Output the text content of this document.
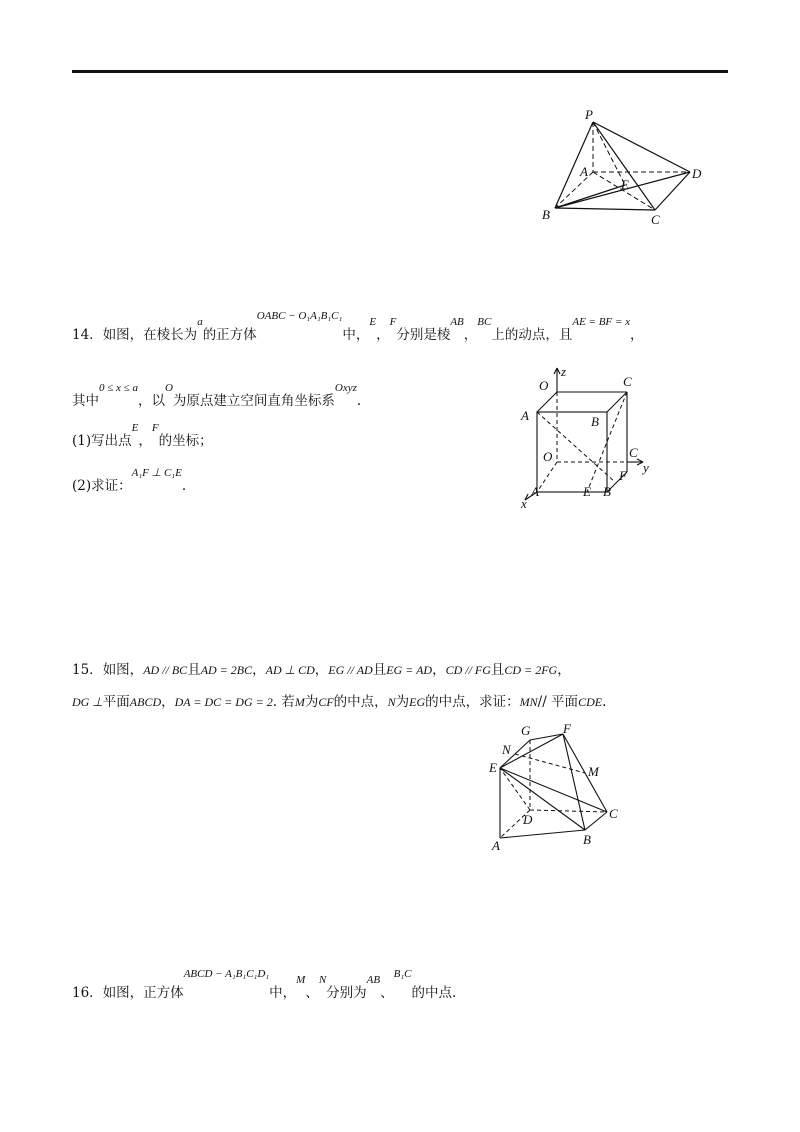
P
A	D
E
B	C
14．如图，在棱长为$^a$的正方体$^{OABC - O_1A_1B_1C_1}$中，$^E$，$^F$分别是棱$^{AB}$，$^{BC}$上的动点，且$^{AE = BF = x}$，
其中$^{0 \le x \le a}$，以$^O$为原点建立空间直角坐标系$^{Oxyz}$.
(1)写出点$^E$，$^F$的坐标；
(2)求证：$^{A_1F \perp C_1E}$.
O
z
C
A	B
O	C
y
F
A	E B
x
15．如图，AD // BC且AD = 2BC，AD ⊥ CD，EG // AD且EG = AD，CD // FG且CD = 2FG，
DG ⊥平面ABCD，DA = DC = DG = 2. 若M为CF的中点，N为EG的中点，求证：MN// 平面CDE.
G	F
N
E	M
C
D
B
A
16．如图，正方体$^{ABCD - A_1B_1C_1D_1}$中，$^M$、$^N$分别为$^{AB}$、$^{B_1C}$的中点.
